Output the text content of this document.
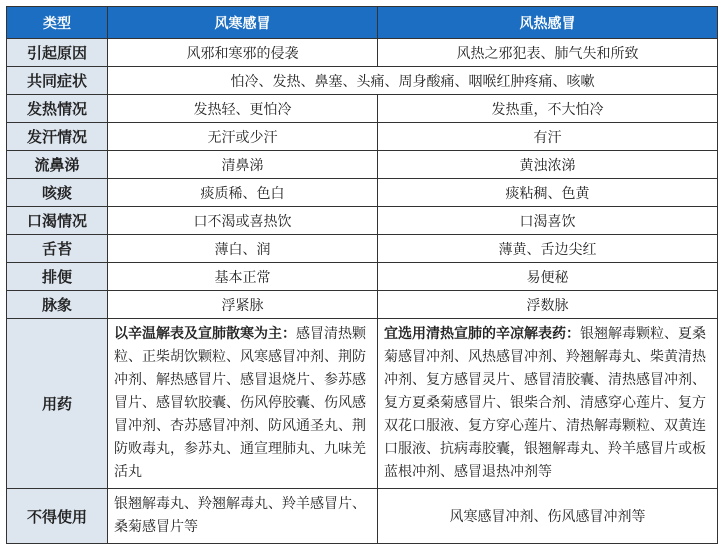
类型	风寒感冒	风热感冒
引起原因	风邪和寒邪的侵袭	风热之邪犯表、肺气失和所致
共同症状	怕冷、发热、鼻塞、头痛、周身酸痛、咽喉红肿疼痛、咳嗽	
发热情况	发热轻、更怕冷	发热重，不大怕冷
发汗情况	无汗或少汗	有汗
流鼻涕	清鼻涕	黄浊浓涕
咳痰	痰质稀、色白	痰粘稠、色黄
口渴情况	口不渴或喜热饮	口渴喜饮
舌苔	薄白、润	薄黄、舌边尖红
排便	基本正常	易便秘
脉象	浮紧脉	浮数脉
用药	以辛温解表及宣肺散寒为主：感冒清热颗粒、正柴胡饮颗粒、风寒感冒冲剂、荆防冲剂、解热感冒片、感冒退烧片、参苏感冒片、感冒软胶囊、伤风停胶囊、伤风感冒冲剂、杏苏感冒冲剂、防风通圣丸、荆防败毒丸，参苏丸、通宣理肺丸、九味羌活丸	宜选用清热宣肺的辛凉解表药：银翘解毒颗粒、夏桑菊感冒冲剂、风热感冒冲剂、羚翘解毒丸、柴黄清热冲剂、复方感冒灵片、感冒清胶囊、清热感冒冲剂、复方夏桑菊感冒片、银柴合剂、清感穿心莲片、复方双花口服液、复方穿心莲片、清热解毒颗粒、双黄连口服液、抗病毒胶囊，银翘解毒丸、羚羊感冒片或板蓝根冲剂、感冒退热冲剂等
不得使用	银翘解毒丸、羚翘解毒丸、羚羊感冒片、桑菊感冒片等	风寒感冒冲剂、伤风感冒冲剂等
